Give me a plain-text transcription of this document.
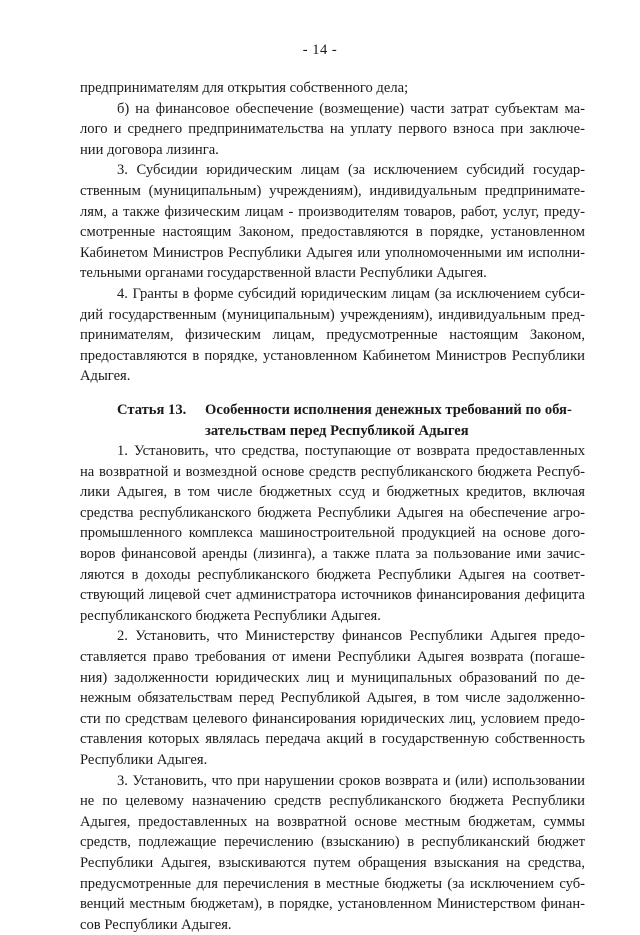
- 14 -
предпринимателям для открытия собственного дела;
б) на финансовое обеспечение (возмещение) части затрат субъектам ма-
лого и среднего предпринимательства на уплату первого взноса при заключе-
нии договора лизинга.
3. Субсидии юридическим лицам (за исключением субсидий государ-
ственным (муниципальным) учреждениям), индивидуальным предпринимате-
лям, а также физическим лицам - производителям товаров, работ, услуг, преду-
смотренные настоящим Законом, предоставляются в порядке, установленном
Кабинетом Министров Республики Адыгея или уполномоченными им исполни-
тельными органами государственной власти Республики Адыгея.
4. Гранты в форме субсидий юридическим лицам (за исключением субси-
дий государственным (муниципальным) учреждениям), индивидуальным пред-
принимателям, физическим лицам, предусмотренные настоящим Законом,
предоставляются в порядке, установленном Кабинетом Министров Республики
Адыгея.
Статья 13. Особенности исполнения денежных требований по обя-
зательствам перед Республикой Адыгея
1. Установить, что средства, поступающие от возврата предоставленных
на возвратной и возмездной основе средств республиканского бюджета Респуб-
лики Адыгея, в том числе бюджетных ссуд и бюджетных кредитов, включая
средства республиканского бюджета Республики Адыгея на обеспечение агро-
промышленного комплекса машиностроительной продукцией на основе дого-
воров финансовой аренды (лизинга), а также плата за пользование ими зачис-
ляются в доходы республиканского бюджета Республики Адыгея на соответ-
ствующий лицевой счет администратора источников финансирования дефицита
республиканского бюджета Республики Адыгея.
2. Установить, что Министерству финансов Республики Адыгея предо-
ставляется право требования от имени Республики Адыгея возврата (погаше-
ния) задолженности юридических лиц и муниципальных образований по де-
нежным обязательствам перед Республикой Адыгея, в том числе задолженно-
сти по средствам целевого финансирования юридических лиц, условием предо-
ставления которых являлась передача акций в государственную собственность
Республики Адыгея.
3. Установить, что при нарушении сроков возврата и (или) использовании
не по целевому назначению средств республиканского бюджета Республики
Адыгея, предоставленных на возвратной основе местным бюджетам, суммы
средств, подлежащие перечислению (взысканию) в республиканский бюджет
Республики Адыгея, взыскиваются путем обращения взыскания на средства,
предусмотренные для перечисления в местные бюджеты (за исключением суб-
венций местным бюджетам), в порядке, установленном Министерством финан-
сов Республики Адыгея.
